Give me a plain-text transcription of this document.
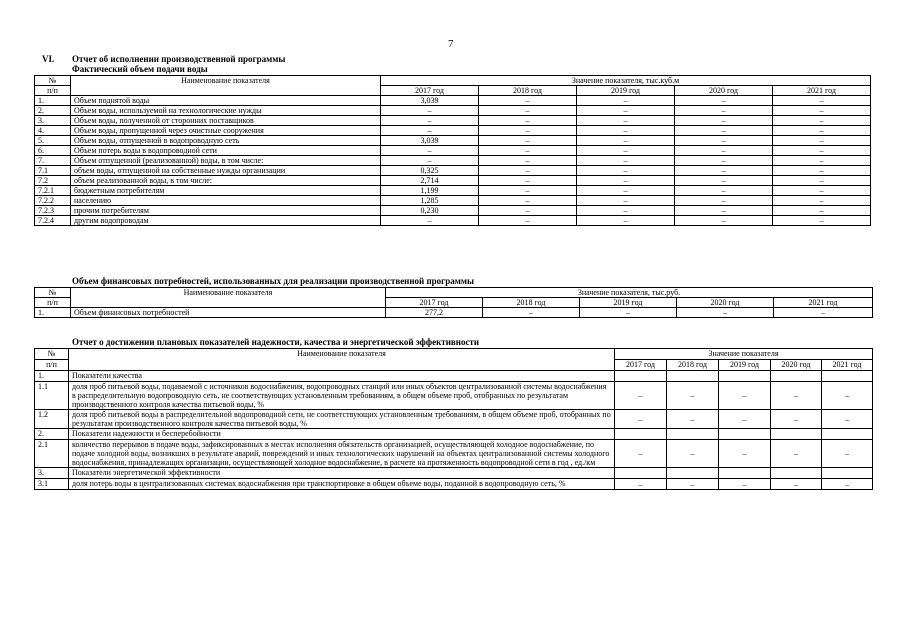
7
VI. Отчет об исполнении производственной программы
Фактический объем подачи воды
№	Наименование показателя	Значение показателя, тыс.куб.м				
п/п		2017 год	2018 год	2019 год	2020 год	2021 год
1.	Объем поднятой воды	3,039	–	–	–	–
2.	Объем воды, используемой на технологические нужды	–	–	–	–	–
3.	Объем воды, полученной от сторонних поставщиков	–	–	–	–	–
4.	Объем воды, пропущенной через очистные сооружения	–	–	–	–	–
5.	Объем воды, отпущенной в водопроводную сеть	3,039	–	–	–	–
6.	Объем потерь воды в водопроводной сети	–	–	–	–	–
7.	Объем отпущенной (реализованной) воды, в том числе:	–	–	–	–	–
7.1	объем воды, отпущенной на собственные нужды организации	0,325	–	–	–	–
7.2	объем реализованной воды, в том числе:	2,714	–	–	–	–
7.2.1	бюджетным потребителям	1,199	–	–	–	–
7.2.2	населению	1,285	–	–	–	–
7.2.3	прочим потребителям	0,230	–	–	–	–
7.2.4	другим водопроводам	–	–	–	–	–
Объем финансовых потребностей, использованных для реализации производственной программы
№	Наименование показателя	Значение показателя, тыс.руб.				
п/п		2017 год	2018 год	2019 год	2020 год	2021 год
1.	Объем финансовых потребностей	277,2	–	–	–	–
Отчет о достижении плановых показателей надежности, качества и энергетической эффективности
№	Наименование показателя	Значение показателя				
п/п		2017 год	2018 год	2019 год	2020 год	2021 год
1.	Показатели качества					
1.1	доля проб питьевой воды, подаваемой с источников водоснабжения, водопроводных станций или иных объектов централизованной системы водоснабжения в распределительную водопроводную сеть, не соответствующих установленным требованиям, в общем объеме проб, отобранных по результатам производственного контроля качества питьевой воды, %	–	–	–	–	–
1.2	доля проб питьевой воды в распределительной водопроводной сети, не соответствующих установленным требованиям, в общем объеме проб, отобранных по результатам производственного контроля качества питьевой воды, %	–	–	–	–	–
2.	Показатели надежности и бесперебойности					
2.1	количество перерывов в подаче воды, зафиксированных в местах исполнения обязательств организацией, осуществляющей холодное водоснабжение, по подаче холодной воды, возникших в результате аварий, повреждений и иных технологических нарушений на объектах централизованной системы холодного водоснабжения, принадлежащих организации, осуществляющей холодное водоснабжение, в расчете на протяженность водопроводной сети в год , ед./км	–	–	–	–	–
3.	Показатели энергетической эффективности					
3.1	доля потерь воды в централизованных системах водоснабжения при транспортировке в общем объеме воды, поданной в водопроводную сеть, %	–	–	–	–	–
